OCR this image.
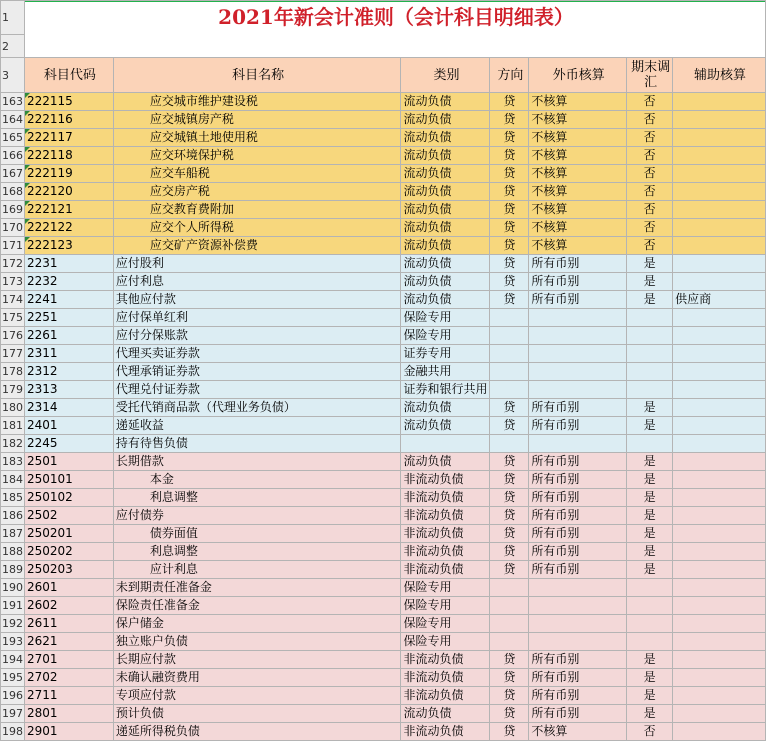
1	2021年新会计准则（会计科目明细表）						
2							
3	科目代码	科目名称	类别	方向	外币核算	期末调汇	辅助核算
163	222115	应交城市维护建设税	流动负债	贷	不核算	否	
164	222116	应交城镇房产税	流动负债	贷	不核算	否	
165	222117	应交城镇土地使用税	流动负债	贷	不核算	否	
166	222118	应交环境保护税	流动负债	贷	不核算	否	
167	222119	应交车船税	流动负债	贷	不核算	否	
168	222120	应交房产税	流动负债	贷	不核算	否	
169	222121	应交教育费附加	流动负债	贷	不核算	否	
170	222122	应交个人所得税	流动负债	贷	不核算	否	
171	222123	应交矿产资源补偿费	流动负债	贷	不核算	否	
172	2231	应付股利	流动负债	贷	所有币别	是	
173	2232	应付利息	流动负债	贷	所有币别	是	
174	2241	其他应付款	流动负债	贷	所有币别	是	供应商
175	2251	应付保单红利	保险专用				
176	2261	应付分保账款	保险专用				
177	2311	代理买卖证券款	证券专用				
178	2312	代理承销证券款	金融共用				
179	2313	代理兑付证券款	证券和银行共用				
180	2314	受托代销商品款（代理业务负债）	流动负债	贷	所有币别	是	
181	2401	递延收益	流动负债	贷	所有币别	是	
182	2245	持有待售负债					
183	2501	长期借款	流动负债	贷	所有币别	是	
184	250101	本金	非流动负债	贷	所有币别	是	
185	250102	利息调整	非流动负债	贷	所有币别	是	
186	2502	应付债券	非流动负债	贷	所有币别	是	
187	250201	债券面值	非流动负债	贷	所有币别	是	
188	250202	利息调整	非流动负债	贷	所有币别	是	
189	250203	应计利息	非流动负债	贷	所有币别	是	
190	2601	未到期责任准备金	保险专用				
191	2602	保险责任准备金	保险专用				
192	2611	保户储金	保险专用				
193	2621	独立账户负债	保险专用				
194	2701	长期应付款	非流动负债	贷	所有币别	是	
195	2702	未确认融资费用	非流动负债	贷	所有币别	是	
196	2711	专项应付款	非流动负债	贷	所有币别	是	
197	2801	预计负债	流动负债	贷	所有币别	是	
198	2901	递延所得税负债	非流动负债	贷	不核算	否	
